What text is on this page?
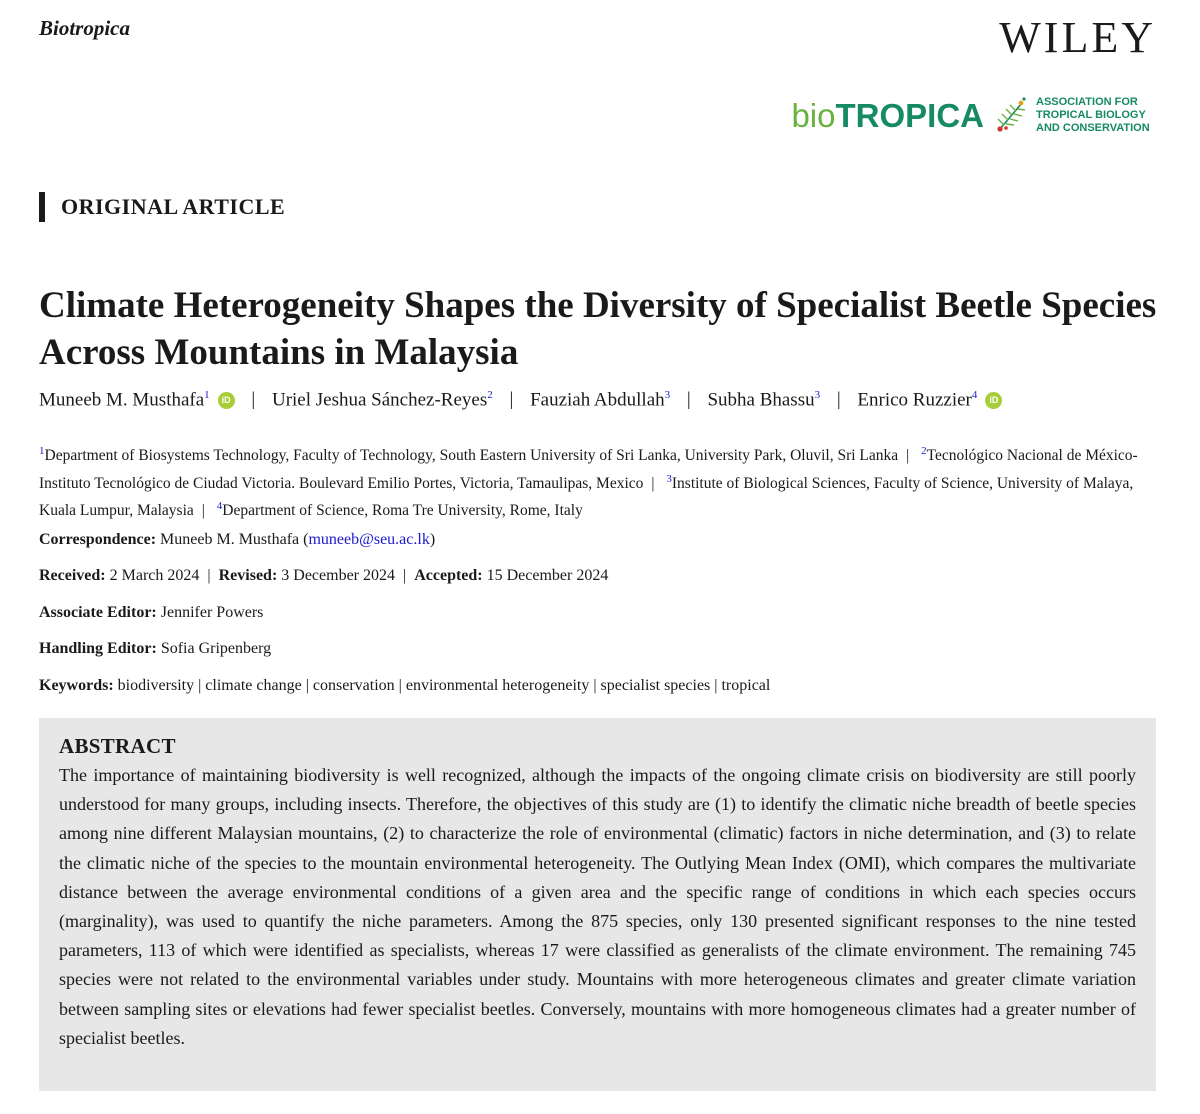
Biotropica	WILEY
bioTROPICA	ASSOCIATION FOR
TROPICAL BIOLOGY
AND CONSERVATION
ORIGINAL ARTICLE
Climate Heterogeneity Shapes the Diversity of Specialist Beetle Species Across Mountains in Malaysia
Muneeb M. Musthafa$^1$ iD | Uriel Jeshua Sánchez-Reyes$^2$ | Fauziah Abdullah$^3$ | Subha Bhassu$^3$ | Enrico Ruzzier$^4$ iD
$^1$Department of Biosystems Technology, Faculty of Technology, South Eastern University of Sri Lanka, University Park, Oluvil, Sri Lanka | $^2$Tecnológico Nacional de México-Instituto Tecnológico de Ciudad Victoria. Boulevard Emilio Portes, Victoria, Tamaulipas, Mexico | $^3$Institute of Biological Sciences, Faculty of Science, University of Malaya, Kuala Lumpur, Malaysia | $^4$Department of Science, Roma Tre University, Rome, Italy
Correspondence: Muneeb M. Musthafa (muneeb@seu.ac.lk)
Received: 2 March 2024 | Revised: 3 December 2024 | Accepted: 15 December 2024
Associate Editor: Jennifer Powers
Handling Editor: Sofia Gripenberg
Keywords: biodiversity | climate change | conservation | environmental heterogeneity | specialist species | tropical
ABSTRACT

The importance of maintaining biodiversity is well recognized, although the impacts of the ongoing climate crisis on biodiversity are still poorly understood for many groups, including insects. Therefore, the objectives of this study are (1) to identify the climatic niche breadth of beetle species among nine different Malaysian mountains, (2) to characterize the role of environmental (climatic) factors in niche determination, and (3) to relate the climatic niche of the species to the mountain environmental heterogeneity. The Outlying Mean Index (OMI), which compares the multivariate distance between the average environmental conditions of a given area and the specific range of conditions in which each species occurs (marginality), was used to quantify the niche parameters. Among the 875 species, only 130 presented significant responses to the nine tested parameters, 113 of which were identified as specialists, whereas 17 were classified as generalists of the climate environment. The remaining 745 species were not related to the environmental variables under study. Mountains with more heterogeneous climates and greater climate variation between sampling sites or elevations had fewer specialist beetles. Conversely, mountains with more homogeneous climates had a greater number of specialist beetles.
